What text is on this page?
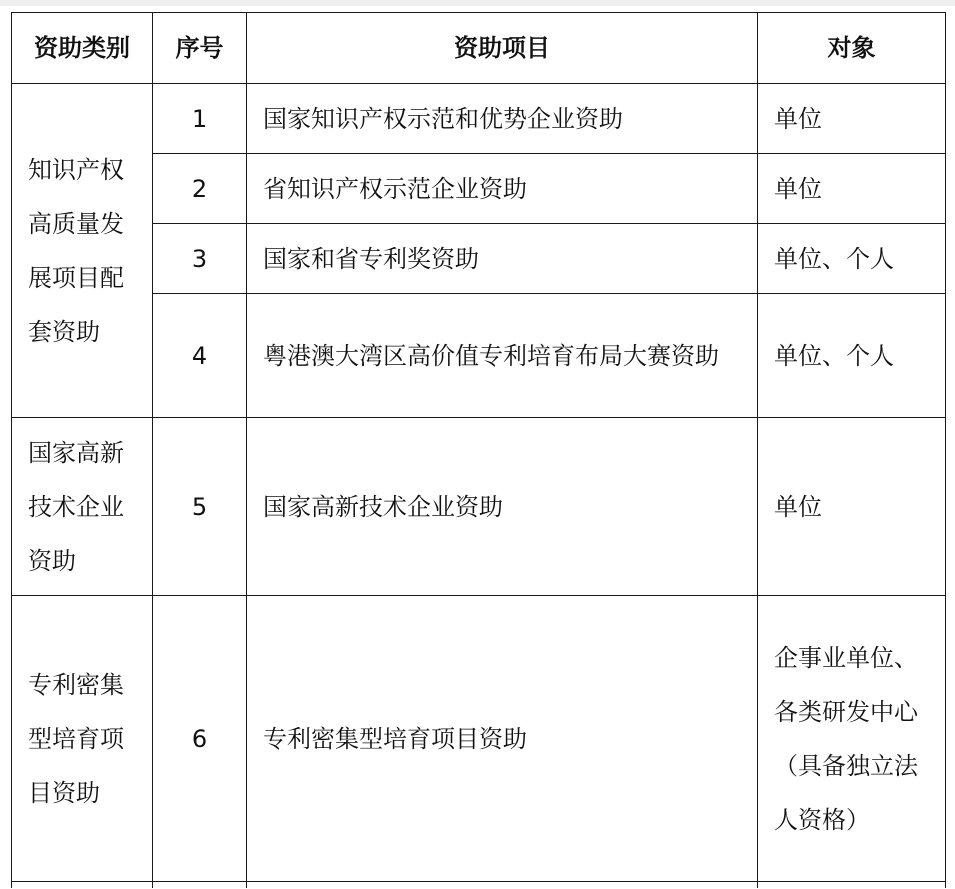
资助类别	序号	资助项目	对象

知识产权高质量发展项目配套资助	1	国家知识产权示范和优势企业资助	单位
	2	省知识产权示范企业资助	单位
	3	国家和省专利奖资助	单位、个人
	4	粤港澳大湾区高价值专利培育布局大赛资助	单位、个人

国家高新技术企业资助	5	国家高新技术企业资助	单位

专利密集型培育项目资助	6	专利密集型培育项目资助	企事业单位、各类研发中心（具备独立法人资格）
